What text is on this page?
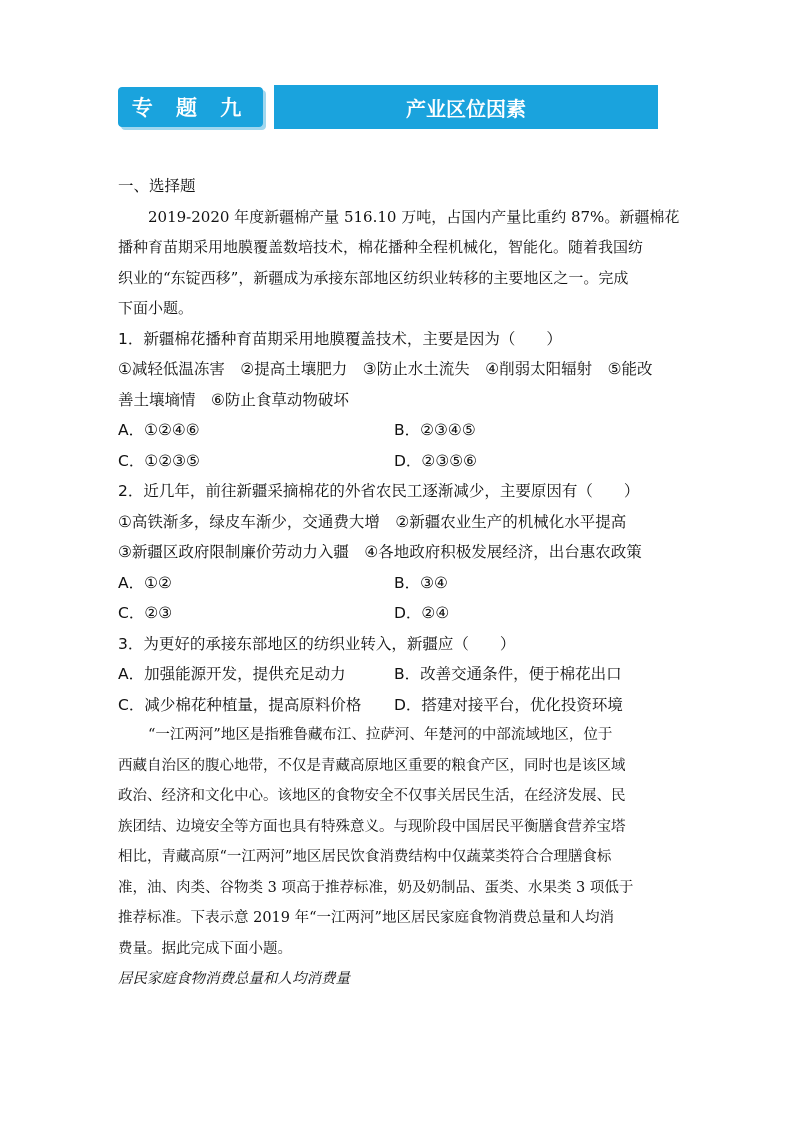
专 题 九	产业区位因素
一、选择题
2019-2020 年度新疆棉产量 516.10 万吨，占国内产量比重约 87%。新疆棉花
播种育苗期采用地膜覆盖数培技术，棉花播种全程机械化，智能化。随着我国纺
织业的“东锭西移”，新疆成为承接东部地区纺织业转移的主要地区之一。完成
下面小题。
1．新疆棉花播种育苗期采用地膜覆盖技术，主要是因为（　　）
①减轻低温冻害　②提高土壤肥力　③防止水土流失　④削弱太阳辐射　⑤能改
善土壤墒情　⑥防止食草动物破坏
A．①②④⑥	B．②③④⑤
C．①②③⑤	D．②③⑤⑥
2．近几年，前往新疆采摘棉花的外省农民工逐渐减少，主要原因有（　　）
①高铁渐多，绿皮车渐少，交通费大增　②新疆农业生产的机械化水平提高
③新疆区政府限制廉价劳动力入疆　④各地政府积极发展经济，出台惠农政策
A．①②	B．③④
C．②③	D．②④
3．为更好的承接东部地区的纺织业转入，新疆应（　　）
A．加强能源开发，提供充足动力	B．改善交通条件，便于棉花出口
C．减少棉花种植量，提高原料价格	D．搭建对接平台，优化投资环境
“一江两河”地区是指雅鲁藏布江、拉萨河、年楚河的中部流域地区，位于
西藏自治区的腹心地带，不仅是青藏高原地区重要的粮食产区，同时也是该区域
政治、经济和文化中心。该地区的食物安全不仅事关居民生活，在经济发展、民
族团结、边境安全等方面也具有特殊意义。与现阶段中国居民平衡膳食营养宝塔
相比，青藏高原“一江两河”地区居民饮食消费结构中仅蔬菜类符合合理膳食标
准，油、肉类、谷物类 3 项高于推荐标准，奶及奶制品、蛋类、水果类 3 项低于
推荐标准。下表示意 2019 年“一江两河”地区居民家庭食物消费总量和人均消
费量。据此完成下面小题。
居民家庭食物消费总量和人均消费量
